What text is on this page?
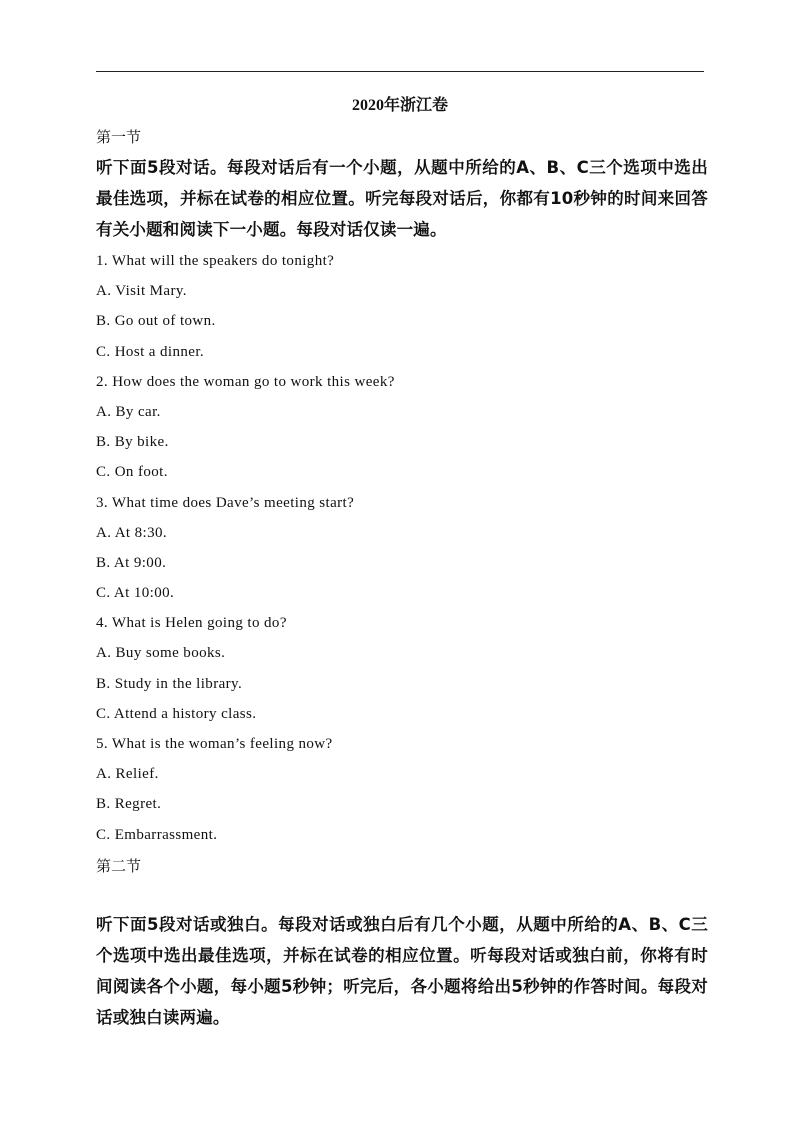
2020年浙江卷
第一节
听下面5段对话。每段对话后有一个小题，从题中所给的A、B、C三个选项中选出最佳选项，并标在试卷的相应位置。听完每段对话后，你都有10秒钟的时间来回答有关小题和阅读下一小题。每段对话仅读一遍。
1. What will the speakers do tonight?
A. Visit Mary.
B. Go out of town.
C. Host a dinner.
2. How does the woman go to work this week?
A. By car.
B. By bike.
C. On foot.
3. What time does Dave’s meeting start?
A. At 8:30.
B. At 9:00.
C. At 10:00.
4. What is Helen going to do?
A. Buy some books.
B. Study in the library.
C. Attend a history class.
5. What is the woman’s feeling now?
A. Relief.
B. Regret.
C. Embarrassment.
第二节
听下面5段对话或独白。每段对话或独白后有几个小题，从题中所给的A、B、C三个选项中选出最佳选项，并标在试卷的相应位置。听每段对话或独白前，你将有时间阅读各个小题，每小题5秒钟；听完后，各小题将给出5秒钟的作答时间。每段对话或独白读两遍。
